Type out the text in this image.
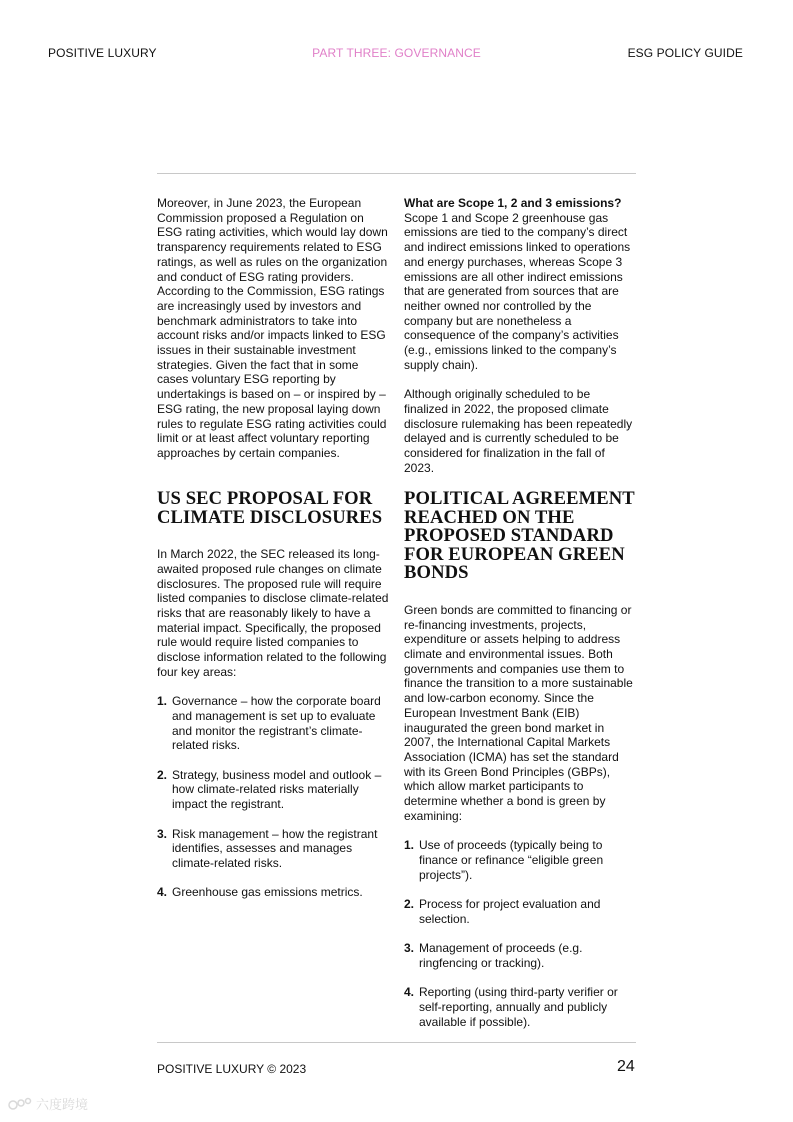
POSITIVE LUXURY	PART THREE: GOVERNANCE	ESG POLICY GUIDE

Moreover, in June 2023, the European Commission proposed a Regulation on ESG rating activities, which would lay down transparency requirements related to ESG ratings, as well as rules on the organization and conduct of ESG rating providers. According to the Commission, ESG ratings are increasingly used by investors and benchmark administrators to take into account risks and/or impacts linked to ESG issues in their sustainable investment strategies. Given the fact that in some cases voluntary ESG reporting by undertakings is based on – or inspired by – ESG rating, the new proposal laying down rules to regulate ESG rating activities could limit or at least affect voluntary reporting approaches by certain companies.

What are Scope 1, 2 and 3 emissions?

Scope 1 and Scope 2 greenhouse gas emissions are tied to the company’s direct and indirect emissions linked to operations and energy purchases, whereas Scope 3 emissions are all other indirect emissions that are generated from sources that are neither owned nor controlled by the company but are nonetheless a consequence of the company’s activities (e.g., emissions linked to the company’s supply chain).

Although originally scheduled to be finalized in 2022, the proposed climate disclosure rulemaking has been repeatedly delayed and is currently scheduled to be considered for finalization in the fall of 2023.

US SEC PROPOSAL FOR CLIMATE DISCLOSURES

In March 2022, the SEC released its long-awaited proposed rule changes on climate disclosures. The proposed rule will require listed companies to disclose climate-related risks that are reasonably likely to have a material impact. Specifically, the proposed rule would require listed companies to disclose information related to the following four key areas:

1. Governance – how the corporate board and management is set up to evaluate and monitor the registrant’s climate-related risks.
2. Strategy, business model and outlook – how climate-related risks materially impact the registrant.
3. Risk management – how the registrant identifies, assesses and manages climate-related risks.
4. Greenhouse gas emissions metrics.
POLITICAL AGREEMENT REACHED ON THE PROPOSED STANDARD FOR EUROPEAN GREEN BONDS

Green bonds are committed to financing or re-financing investments, projects, expenditure or assets helping to address climate and environmental issues. Both governments and companies use them to finance the transition to a more sustainable and low-carbon economy. Since the European Investment Bank (EIB) inaugurated the green bond market in 2007, the International Capital Markets Association (ICMA) has set the standard with its Green Bond Principles (GBPs), which allow market participants to determine whether a bond is green by examining:

1. Use of proceeds (typically being to finance or refinance “eligible green projects”).
2. Process for project evaluation and selection.
3. Management of proceeds (e.g. ringfencing or tracking).
4. Reporting (using third-party verifier or self-reporting, annually and publicly available if possible).
POSITIVE LUXURY © 2023	24
六度跨境
